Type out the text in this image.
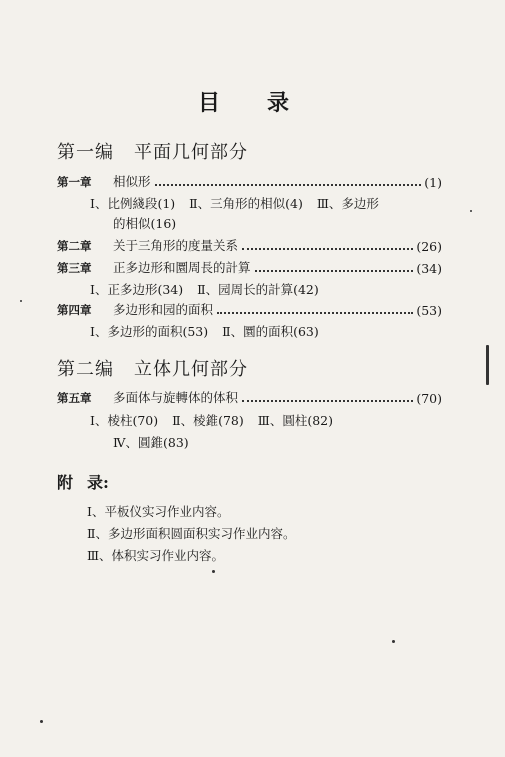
目 录
第一编 平面几何部分
第一章	相似形	(1)
Ⅰ、比例綫段(1) Ⅱ、三角形的相似(4) Ⅲ、多边形
的相似(16)
第二章	关于三角形的度量关系	(26)
第三章	正多边形和圜周長的計算	(34)
Ⅰ、正多边形(34) Ⅱ、园周长的計算(42)
第四章	多边形和园的面积	(53)
Ⅰ、多边形的面积(53) Ⅱ、圜的面积(63)
第二编 立体几何部分
第五章	多面体与旋轉体的体积	(70)
Ⅰ、棱柱(70) Ⅱ、棱錐(78) Ⅲ、圓柱(82)
Ⅳ、圓錐(83)
附 录:
Ⅰ、平板仪实习作业内容。
Ⅱ、多边形面积圆面积实习作业内容。
Ⅲ、体积实习作业内容。
